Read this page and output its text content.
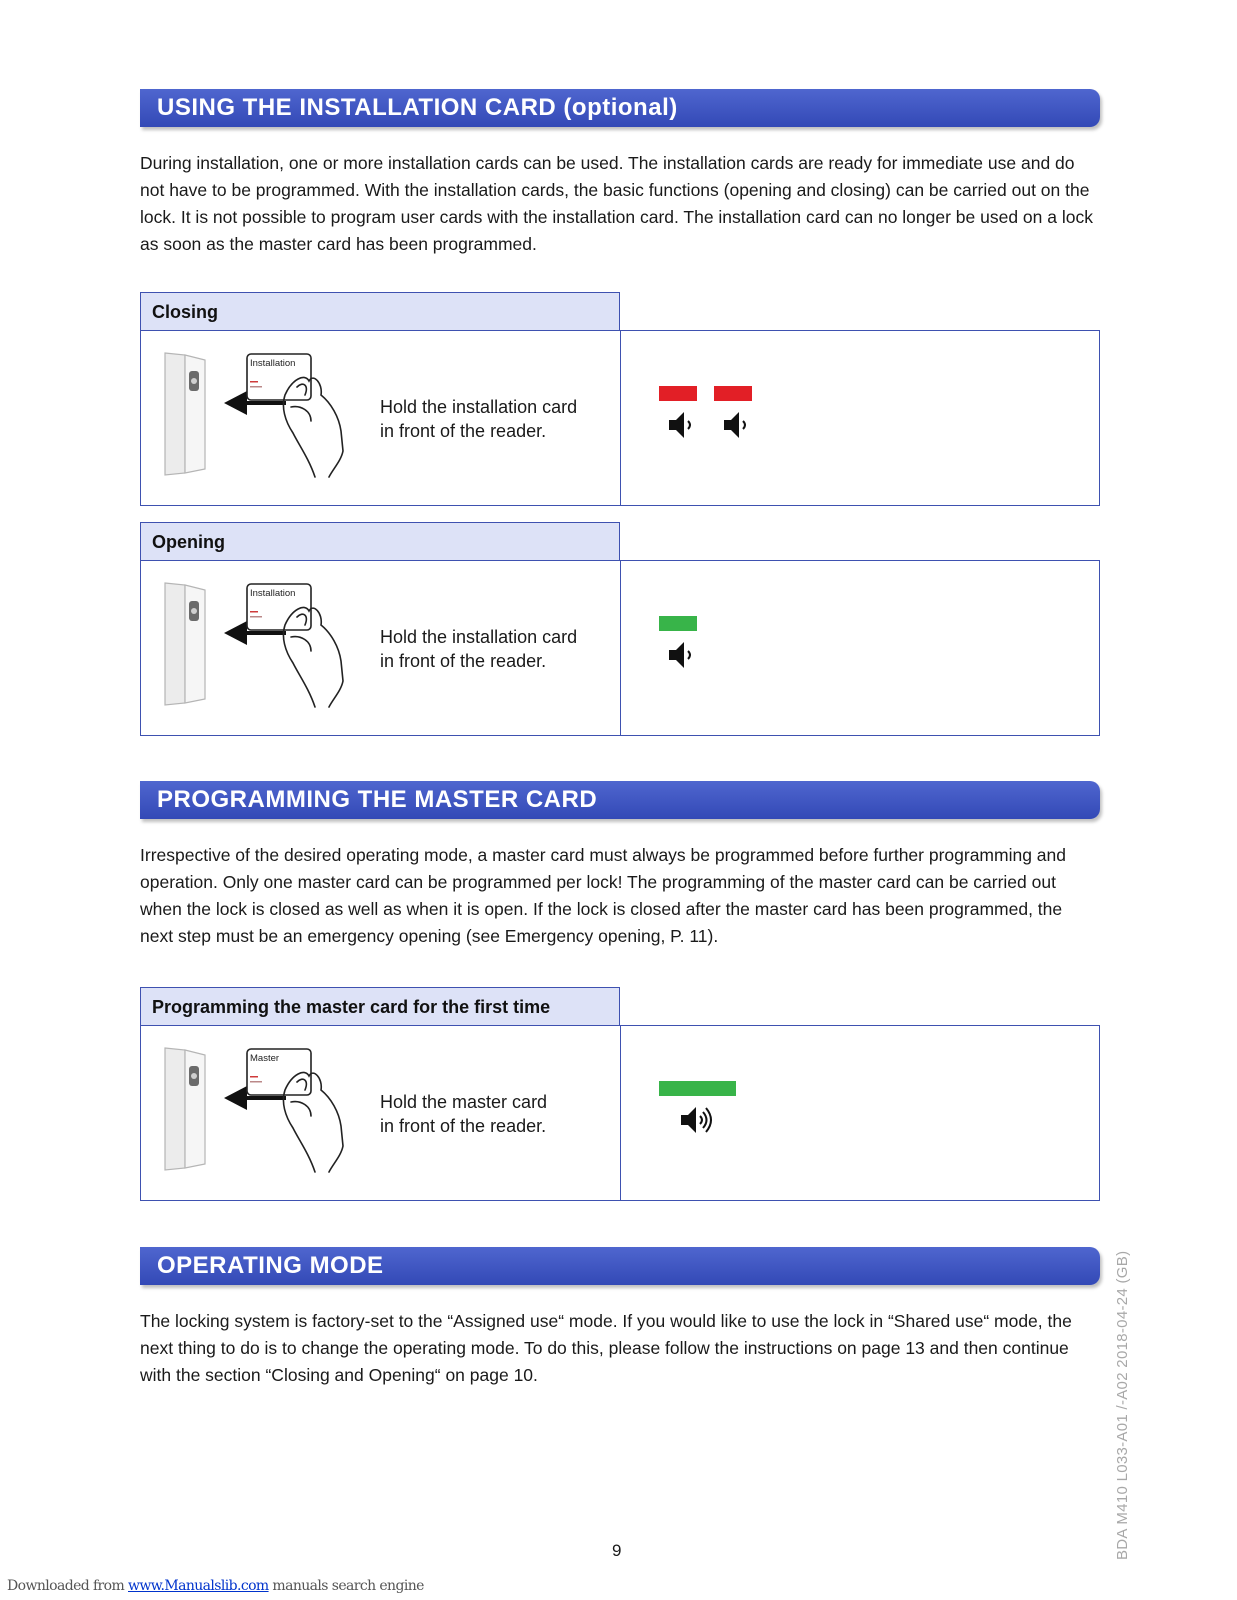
USING THE INSTALLATION CARD (optional)

During installation, one or more installation cards can be used. The installation cards are ready for immediate use and do not have to be programmed. With the installation cards, the basic functions (opening and closing) can be carried out on the lock. It is not possible to program user cards with the installation card. The installation card can no longer be used on a lock as soon as the master card has been programmed.

Closing
Installation
Hold the installation card
in front of the reader.
Opening
Installation
Hold the installation card
in front of the reader.
PROGRAMMING THE MASTER CARD

Irrespective of the desired operating mode, a master card must always be programmed before further programming and operation. Only one master card can be programmed per lock! The programming of the master card can be carried out when the lock is closed as well as when it is open. If the lock is closed after the master card has been programmed, the next step must be an emergency opening (see Emergency opening, P. 11).

Programming the master card for the first time
Master
Hold the master card
in front of the reader.
OPERATING MODE

The locking system is factory-set to the “Assigned use“ mode. If you would like to use the lock in “Shared use“ mode, the next thing to do is to change the operating mode. To do this, please follow the instructions on page 13 and then continue with the section “Closing and Opening“ on page 10.

9	BDA M410 L033-A01 /-A02 2018-04-24 (GB)
Downloaded from www.Manualslib.com manuals search engine
